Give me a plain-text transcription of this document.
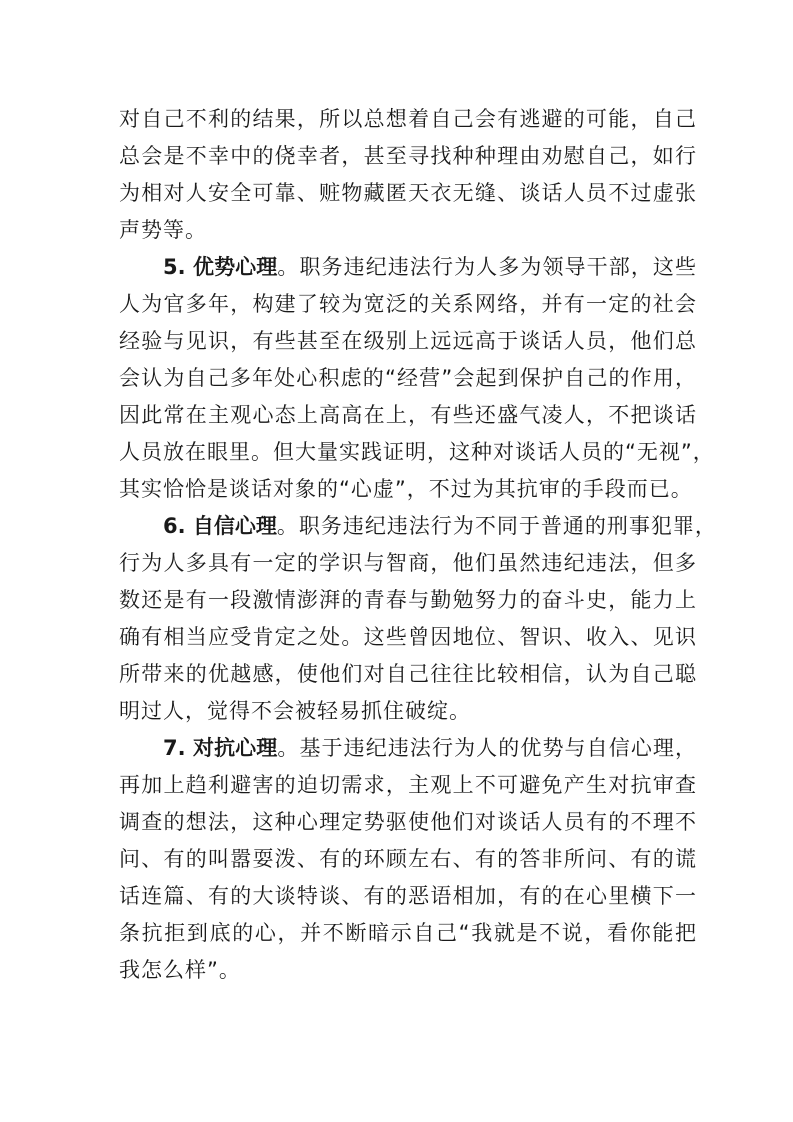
对自己不利的结果，所以总想着自己会有逃避的可能，自己
总会是不幸中的侥幸者，甚至寻找种种理由劝慰自己，如行
为相对人安全可靠、赃物藏匿天衣无缝、谈话人员不过虚张
声势等。
5. 优势心理。职务违纪违法行为人多为领导干部，这些
人为官多年，构建了较为宽泛的关系网络，并有一定的社会
经验与见识，有些甚至在级别上远远高于谈话人员，他们总
会认为自己多年处心积虑的“经营”会起到保护自己的作用，
因此常在主观心态上高高在上，有些还盛气凌人，不把谈话
人员放在眼里。但大量实践证明，这种对谈话人员的“无视”，
其实恰恰是谈话对象的“心虚”，不过为其抗审的手段而已。
6. 自信心理。职务违纪违法行为不同于普通的刑事犯罪，
行为人多具有一定的学识与智商，他们虽然违纪违法，但多
数还是有一段激情澎湃的青春与勤勉努力的奋斗史，能力上
确有相当应受肯定之处。这些曾因地位、智识、收入、见识
所带来的优越感，使他们对自己往往比较相信，认为自己聪
明过人，觉得不会被轻易抓住破绽。
7. 对抗心理。基于违纪违法行为人的优势与自信心理，
再加上趋利避害的迫切需求，主观上不可避免产生对抗审查
调查的想法，这种心理定势驱使他们对谈话人员有的不理不
问、有的叫嚣耍泼、有的环顾左右、有的答非所问、有的谎
话连篇、有的大谈特谈、有的恶语相加，有的在心里横下一
条抗拒到底的心，并不断暗示自己“我就是不说，看你能把
我怎么样”。
